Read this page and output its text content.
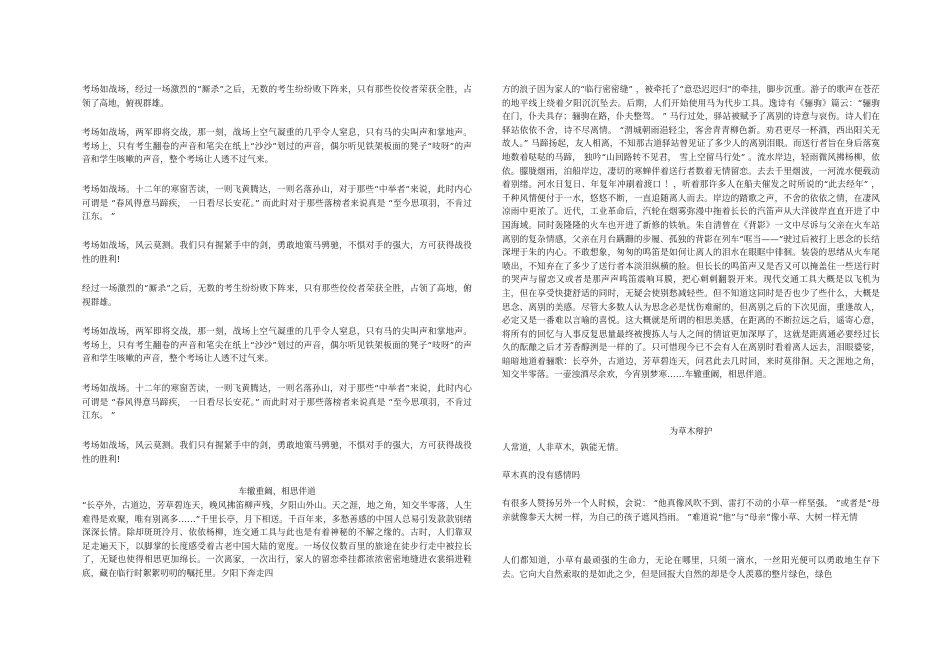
考场如战场，经过一场激烈的“厮杀”之后，无数的考生纷纷败下阵来，只有那些佼佼者荣获全胜，占领了高地，俯视群雄。
考场如战场，两军即将交战，那一刻，战场上空气凝重的几乎令人窒息，只有马的尖叫声和掌地声。考场上，只有考生翻卷的声音和笔尖在纸上“沙沙”划过的声音，偶尔听见铁架板面的凳子“吱呀”的声音和学生咳嗽的声音，整个考场让人透不过气来。
考场如战场。十二年的寒窗苦读，一则飞黄腾达，一则名落孙山，对于那些“中举者”来说，此时内心可谓是 “春风得意马蹄疾， 一日看尽长安花。” 而此时对于那些落榜者来说真是 “至今思项羽，不肯过江东。 ”
考场如战场，风云莫测。我们只有握紧手中的剑，勇敢地策马骋驰，不惧对手的强大，方可获得战役性的胜利!
经过一场激烈的“厮杀”之后，无数的考生纷纷败下阵来，只有那些佼佼者荣获全胜，占领了高地，俯视群雄。
考场如战场，两军即将交战，那一刻，战场上空气凝重的几乎令人窒息，只有马的尖叫声和掌地声。考场上，只有考生翻卷的声音和笔尖在纸上“沙沙”划过的声音，偶尔听见铁架板面的凳子“吱呀”的声音和学生咳嗽的声音，整个考场让人透不过气来。
考场如战场。十二年的寒窗苦读，一则飞黄腾达，一则名落孙山，对于那些“中举者”来说，此时内心可谓是 “春风得意马蹄疾， 一日看尽长安花。” 而此时对于那些落榜者来说真是 “至今思项羽，不肯过江东。 ”
考场如战场，风云莫测。我们只有握紧手中的剑，勇敢地策马骋驰，不惧对手的强大，方可获得战役性的胜利!
车辙重阚，相思伴道
“长亭外，古道边，芳草碧连天，晚风拂笛柳声残，夕阳山外山。天之涯，地之角，知交半零落，人生难得是欢聚，唯有别离多……”千里长亭，月下相送。千百年来，多愁善感的中国人总易引发款款别绪深深长情。除却斑斑泠月、依依杨柳，连交通工具与此也是有着神秘的不解之缘的。古时，人们靠双足走遍天下，以脚掌的长度感受着古老中国大陆的宽度。一场仪仪数百里的旅途在徒步行走中被拉长了，无疑也使得相思更加绵长。一次离家，一次出行，家人的留恋牵挂都浓浓密密地缝进衣裳绢进鞋底，藏在临行时絮絮叨叨的嘱托里。夕阳下奔走四
方的浪子因为家人的“临行密密缝” ，被牵托了“意恐迟迟归”的牵挂，脚步沉重。游子的歌声在苍茫的地平线上绕着夕阳沉沉坠去。后期，人们开始使用马为代步工具。逸诗有《骊驹》篇云：“骊驹在门，仆夫具存；骊驹在路，仆夫整驾。 ” 马行过处，驿站被赋予了离别的诗意与哀伤。诗人们在驿站依依不舍，诗不尽离情。 “渭城朝雨浥轻尘，客舍青青柳色新。劝君更尽一杯酒，西出阳关无故人。” 马蹄扬起，友人相离，不知那古道驿站曾见证了多少人的离别泪眼。而送行者旨在身后落寞地数着哒哒的马蹄， 独吟“山回路转不见君， 雪上空留马行处” 。流水岸边，轻雨微风拂杨柳，依依。朦胧烟雨，泊船岸边，凄切的寒蝉伴着送行者数着无情留恋。去去千里烟波，一河流水便载动着别绪。河水日复日、年复年冲刷着渡口 ！，听着那许多人在船夫催发之时所说的“此去经年” ，千种风情便付于一水，悠悠不断，一直追随离人而去。岸边的踏歌之声，不舍的依依之情，在凄风凉雨中更浓了。近代，工业革命后，汽轮在烟雾弥漫中拖着长长的汽笛声从大洋彼岸直直开进了中国海域。同时轰隆隆的火车也开进了新修的铁轨。朱自清曾在《背影》一文中尽诉与父亲在火车站离别的复杂情感，父亲在月台蹒跚的步履、孤独的背影在列车“哐当——”驶过后被打上思念的长结深埋于朱的内心。不敢想象，匆匆的鸣笛是如何让离人的泪水在眼眶中徘徊。装袋的思绪从火车尾喷出，不知弃在了多少了送行者本淡泪纵横的脸。但长长的鸣笛声又是否又可以掩盖住一些送行时的哭声与留恋又或者是那声声鸣笛震响耳膜，把心刺刺翻裂开来。现代交通工具大概是以飞机为主，但在享受快捷舒适的同时，无疑会使别愁减轻些。但不知道这同时是否也少了些什么，大概是思念、离别的美感。尽管大多数人认为思念必是忧伤难耐的，但离别之后的下次见面，重逢故人，必定又是一番难以言喻的喜悦。这大概就是所谓的相思美感，在距离的不断拉远之后，遥寄心意，将所有的回忆与人事反复思量最终被搜拣人与人之间的情谊更加深厚了，这就是距离通必要经过长久的酝酿之后才芳香醇洌是一样的了。只可惜现今已不会有人在离别时看着离人远去，泪眼婆娑，暗暗地道着骊歌：长亭外，古道边，芳草碧连天，问君此去几时回，来时莫徘徊。天之涯地之角，知交半零落。一壶浊酒尽余欢，今宵别梦寒……车辙重阚，相思伴道。
为草木辩护
人常道，人非草木，孰能无情。
草木真的没有感情吗
有很多人赞扬另外一个人时候，会说： “他真像风吹不到、雷打不动的小草一样坚强。 ”或者是“母亲就像参天大树一样，为自己的孩子遮风挡雨。 ”难道说“他”与“母亲”像小草、大树一样无情
人们都知道，小草有最顽强的生命力，无论在哪里，只须一滴水，一丝阳光便可以勇敢地生存下去。它向大自然索取的是如此之少，但是回报大自然的却是令人羡慕的整片绿色，绿色
